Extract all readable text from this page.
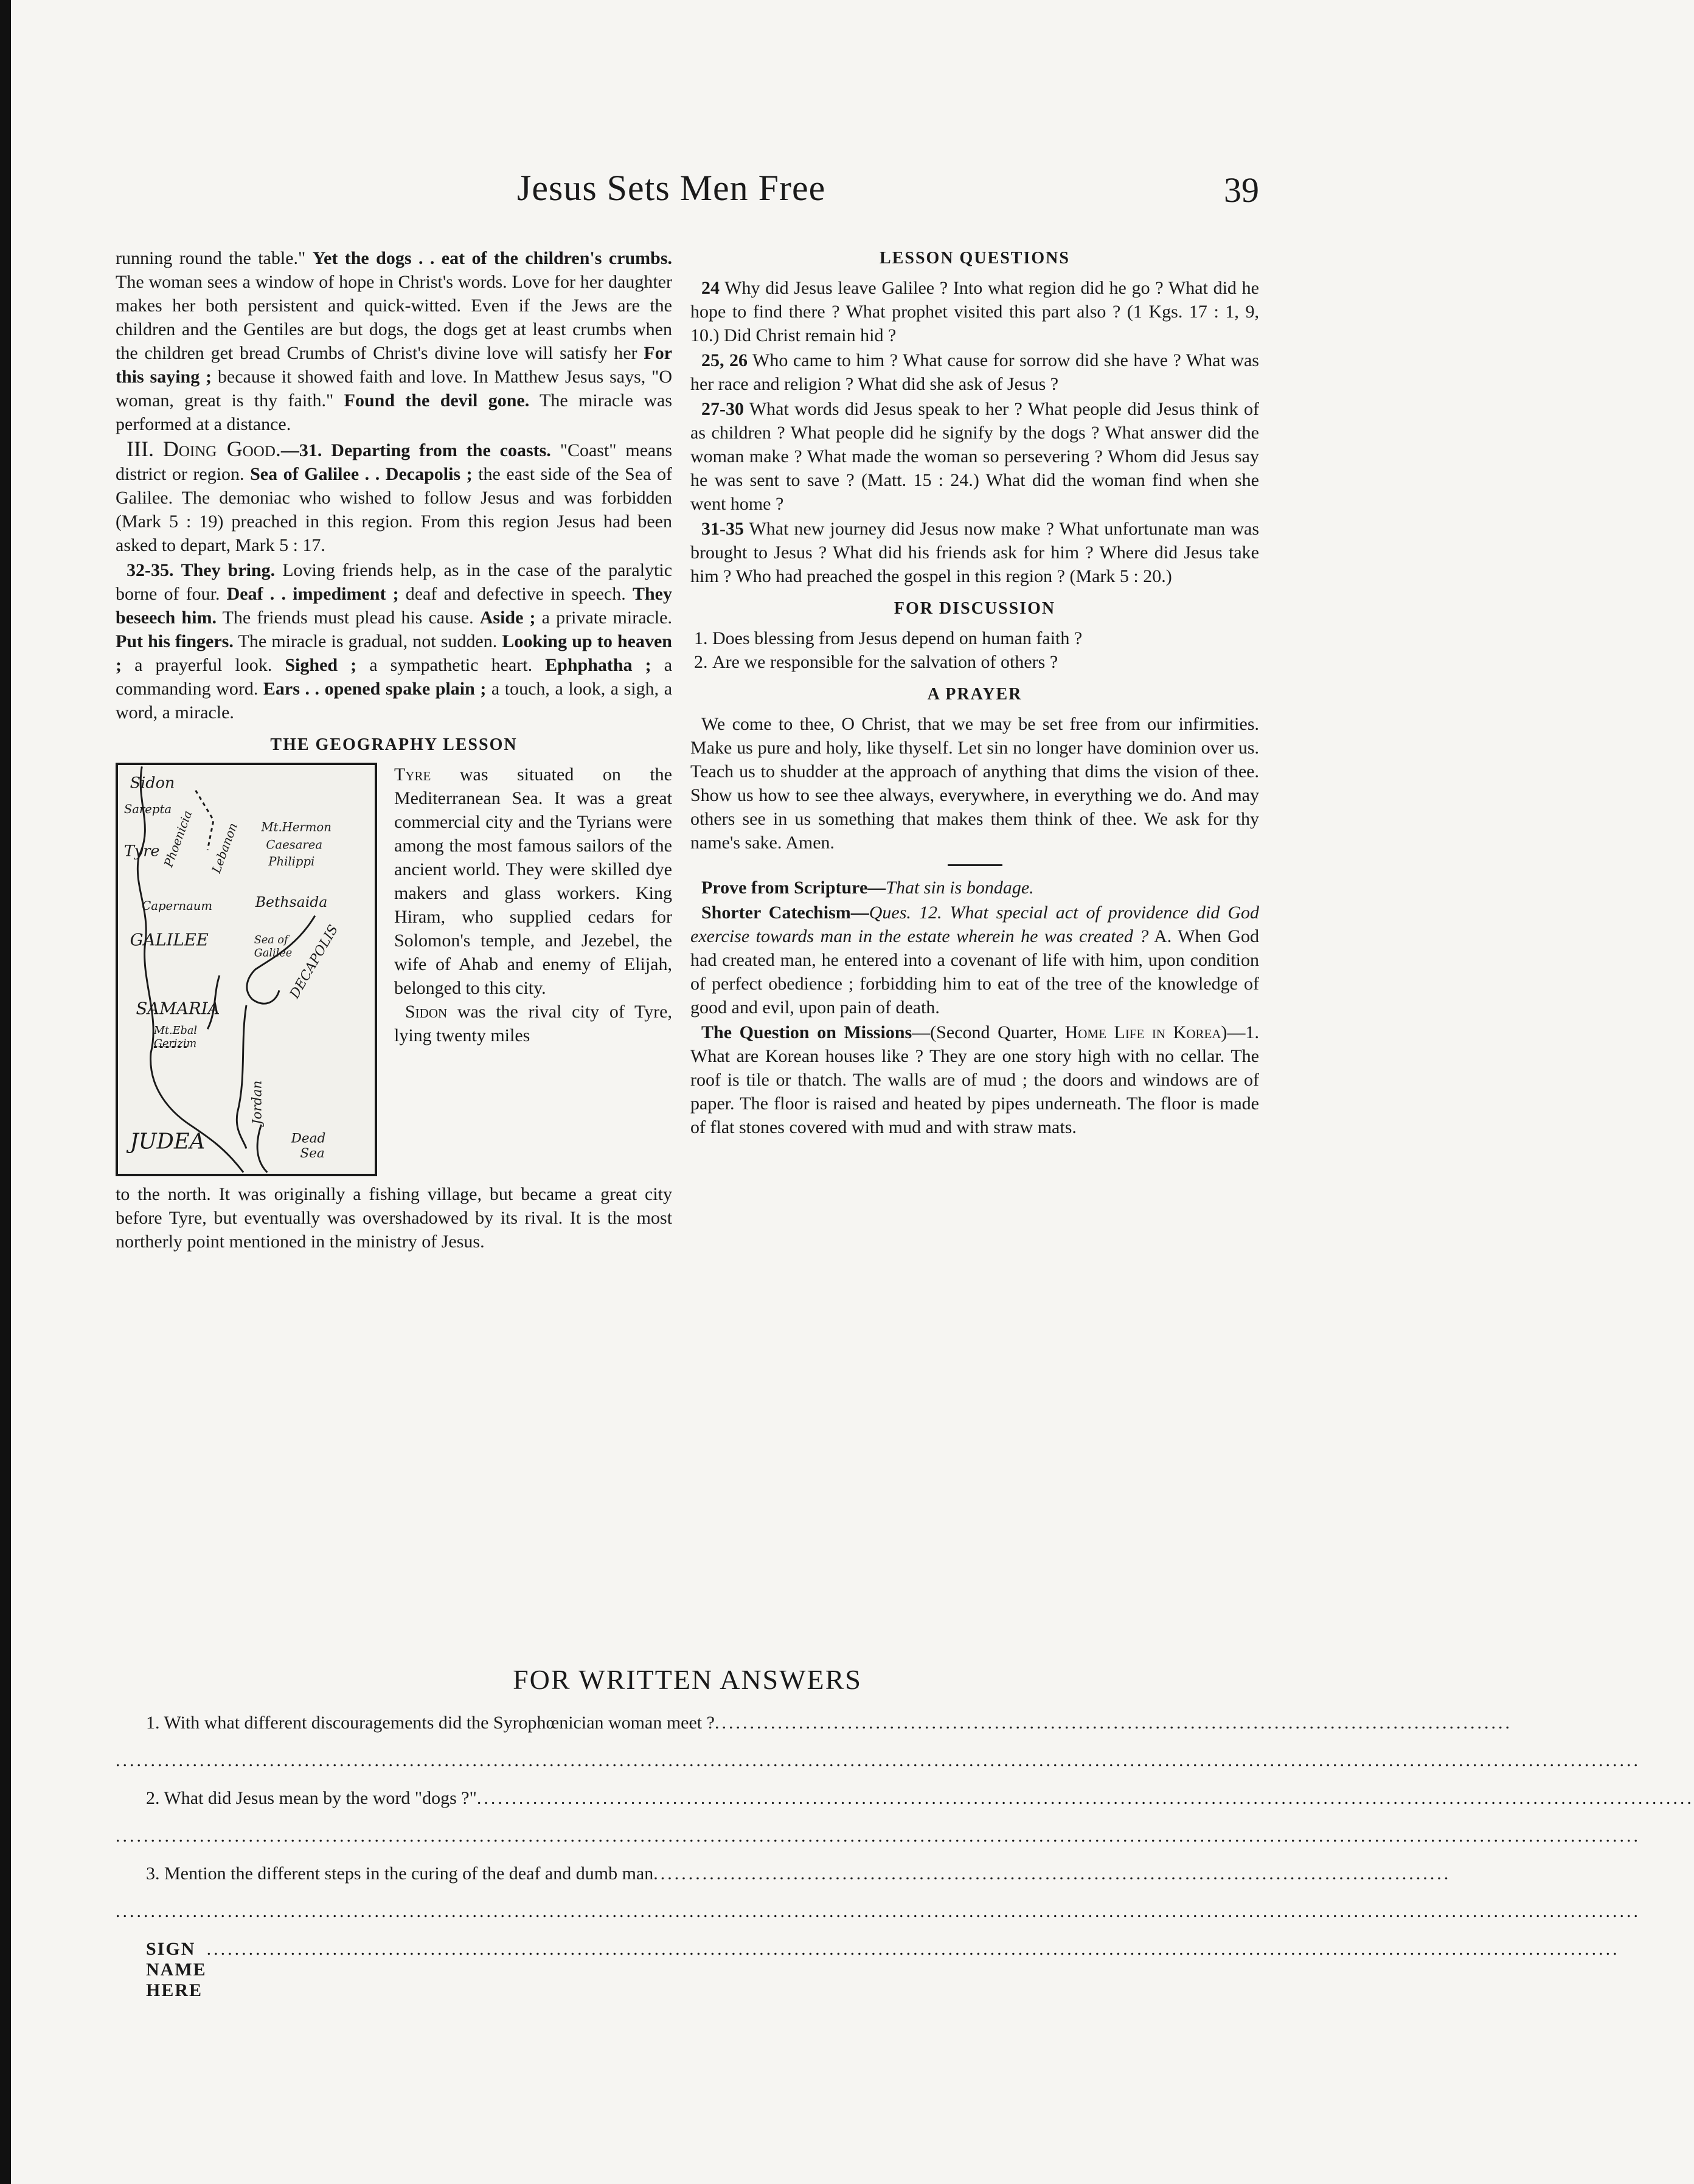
Jesus Sets Men Free	39

running round the table." Yet the dogs . . eat of the children's crumbs. The woman sees a window of hope in Christ's words. Love for her daughter makes her both persistent and quick-witted. Even if the Jews are the children and the Gentiles are but dogs, the dogs get at least crumbs when the children get bread Crumbs of Christ's divine love will satisfy her For this saying ; because it showed faith and love. In Matthew Jesus says, "O woman, great is thy faith." Found the devil gone. The miracle was performed at a distance.

III. Doing Good.—31. Departing from the coasts. "Coast" means district or region. Sea of Galilee . . Decapolis ; the east side of the Sea of Galilee. The demoniac who wished to follow Jesus and was forbidden (Mark 5 : 19) preached in this region. From this region Jesus had been asked to depart, Mark 5 : 17.

32-35. They bring. Loving friends help, as in the case of the paralytic borne of four. Deaf . . impediment ; deaf and defective in speech. They beseech him. The friends must plead his cause. Aside ; a private miracle. Put his fingers. The miracle is gradual, not sudden. Looking up to heaven ; a prayerful look. Sighed ; a sympathetic heart. Ephphatha ; a commanding word. Ears . . opened spake plain ; a touch, a look, a sigh, a word, a miracle.

THE GEOGRAPHY LESSON
Sidon
Sarepta
Tyre Phoenicia Lebanon Mt.Hermon
Caesarea
Philippi
Capernaum	Bethsaida
GALILEE	Sea of
Galilee
DECAPOLIS
SAMARIA
Mt.Ebal
Gerizim
Jordan
JUDEA	Dead
Sea

Tyre was situated on the Mediterranean Sea. It was a great commercial city and the Tyrians were among the most famous sailors of the ancient world. They were skilled dye makers and glass workers. King Hiram, who supplied cedars for Solomon's temple, and Jezebel, the wife of Ahab and enemy of Elijah, belonged to this city.

Sidon was the rival city of Tyre, lying twenty miles

to the north. It was originally a fishing village, but became a great city before Tyre, but eventually was overshadowed by its rival. It is the most northerly point mentioned in the ministry of Jesus.

LESSON QUESTIONS

24 Why did Jesus leave Galilee ? Into what region did he go ? What did he hope to find there ? What prophet visited this part also ? (1 Kgs. 17 : 1, 9, 10.) Did Christ remain hid ?

25, 26 Who came to him ? What cause for sorrow did she have ? What was her race and religion ? What did she ask of Jesus ?

27-30 What words did Jesus speak to her ? What people did Jesus think of as children ? What people did he signify by the dogs ? What answer did the woman make ? What made the woman so persevering ? Whom did Jesus say he was sent to save ? (Matt. 15 : 24.) What did the woman find when she went home ?

31-35 What new journey did Jesus now make ? What unfortunate man was brought to Jesus ? What did his friends ask for him ? Where did Jesus take him ? Who had preached the gospel in this region ? (Mark 5 : 20.)

FOR DISCUSSION
1. Does blessing from Jesus depend on human faith ?
2. Are we responsible for the salvation of others ?
A PRAYER

We come to thee, O Christ, that we may be set free from our infirmities. Make us pure and holy, like thyself. Let sin no longer have dominion over us. Teach us to shudder at the approach of anything that dims the vision of thee. Show us how to see thee always, everywhere, in everything we do. And may others see in us something that makes them think of thee. We ask for thy name's sake. Amen.

Prove from Scripture—That sin is bondage.

Shorter Catechism—Ques. 12. What special act of providence did God exercise towards man in the estate wherein he was created ? A. When God had created man, he entered into a covenant of life with him, upon condition of perfect obedience ; forbidding him to eat of the tree of the knowledge of good and evil, upon pain of death.

The Question on Missions—(Second Quarter, Home Life in Korea)—1. What are Korean houses like ? They are one story high with no cellar. The roof is tile or thatch. The walls are of mud ; the doors and windows are of paper. The floor is raised and heated by pipes underneath. The floor is made of flat stones covered with mud and with straw mats.

FOR WRITTEN ANSWERS
1. With what different discouragements did the Syrophœnician woman meet ? ..................................................................................................................
..........................................................................................................................................................................................................................
2. What did Jesus mean by the word "dogs ?" ..............................................................................................................................................................................
..........................................................................................................................................................................................................................
3. Mention the different steps in the curing of the deaf and dumb man ..................................................................................................................
..........................................................................................................................................................................................................................
SIGN NAME HERE
..........................................................................................................................................................................................................
